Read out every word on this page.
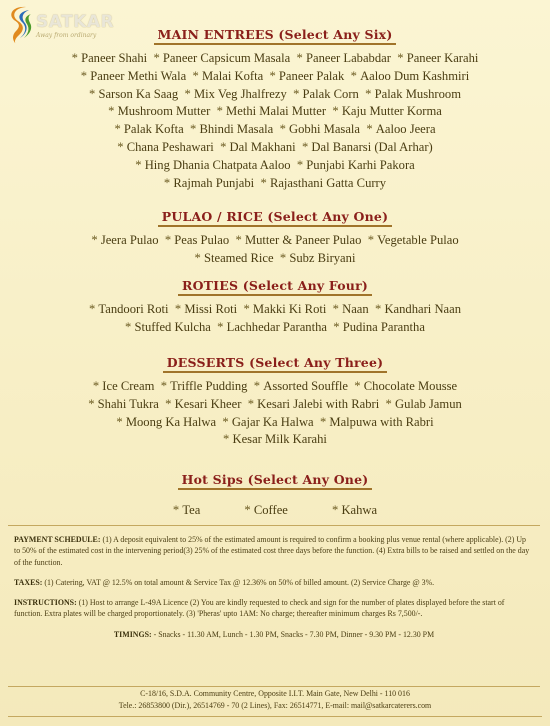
SATKAR
Away from ordinary	MAIN ENTREES (Select Any Six)
* Paneer Shahi * Paneer Capsicum Masala * Paneer Lababdar * Paneer Karahi
* Paneer Methi Wala * Malai Kofta * Paneer Palak * Aaloo Dum Kashmiri
* Sarson Ka Saag * Mix Veg Jhalfrezy * Palak Corn * Palak Mushroom
* Mushroom Mutter * Methi Malai Mutter * Kaju Mutter Korma
* Palak Kofta * Bhindi Masala * Gobhi Masala * Aaloo Jeera
* Chana Peshawari * Dal Makhani * Dal Banarsi (Dal Arhar)
* Hing Dhania Chatpata Aaloo * Punjabi Karhi Pakora
* Rajmah Punjabi * Rajasthani Gatta Curry
PULAO / RICE (Select Any One)
* Jeera Pulao * Peas Pulao * Mutter & Paneer Pulao * Vegetable Pulao
* Steamed Rice * Subz Biryani
ROTIES (Select Any Four)
* Tandoori Roti * Missi Roti * Makki Ki Roti * Naan * Kandhari Naan
* Stuffed Kulcha * Lachhedar Parantha * Pudina Parantha
DESSERTS (Select Any Three)
* Ice Cream * Triffle Pudding * Assorted Souffle * Chocolate Mousse
* Shahi Tukra * Kesari Kheer * Kesari Jalebi with Rabri * Gulab Jamun
* Moong Ka Halwa * Gajar Ka Halwa * Malpuwa with Rabri
* Kesar Milk Karahi
Hot Sips (Select Any One)
* Tea	* Coffee	* Kahwa

PAYMENT SCHEDULE: (1) A deposit equivalent to 25% of the estimated amount is required to confirm a booking plus venue rental (where applicable). (2) Up to 50% of the estimated cost in the intervening period(3) 25% of the estimated cost three days before the function. (4) Extra bills to be raised and settled on the day of the function.

TAXES: (1) Catering, VAT @ 12.5% on total amount & Service Tax @ 12.36% on 50% of billed amount. (2) Service Charge @ 3%.

INSTRUCTIONS: (1) Host to arrange L-49A Licence (2) You are kindly requested to check and sign for the number of plates displayed before the start of function. Extra plates will be charged proportionately. (3) 'Pheras' upto 1AM: No charge; thereafter minimum charges Rs 7,500/-.

TIMINGS: - Snacks - 11.30 AM, Lunch - 1.30 PM, Snacks - 7.30 PM, Dinner - 9.30 PM - 12.30 PM
C-18/16, S.D.A. Community Centre, Opposite I.I.T. Main Gate, New Delhi - 110 016
Tele.: 26853800 (Dir.), 26514769 - 70 (2 Lines), Fax: 26514771, E-mail: mail@satkarcaterers.com
